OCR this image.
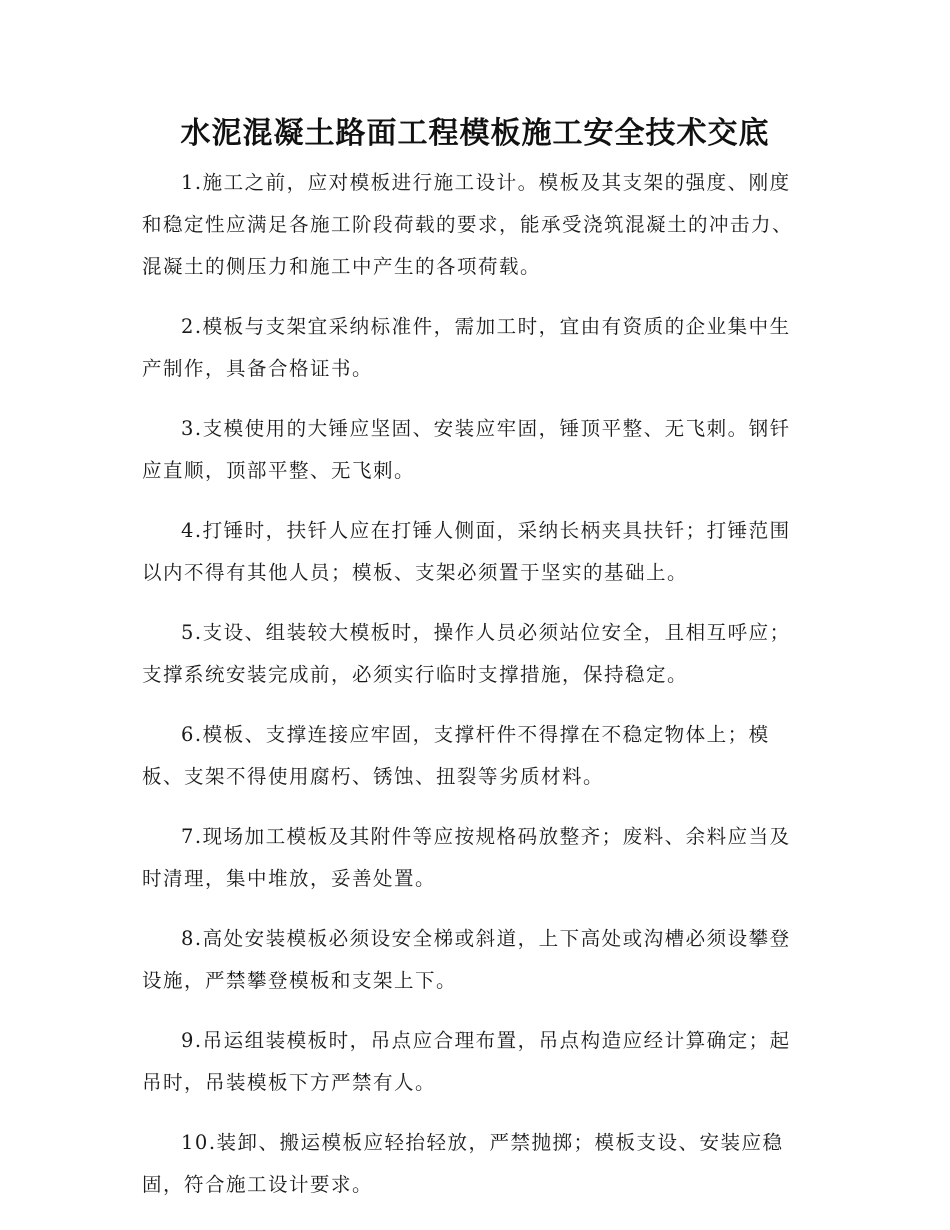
水泥混凝土路面工程模板施工安全技术交底

1.施工之前，应对模板进行施工设计。模板及其支架的强度、刚度和稳定性应满足各施工阶段荷载的要求，能承受浇筑混凝土的冲击力、混凝土的侧压力和施工中产生的各项荷载。

2.模板与支架宜采纳标准件，需加工时，宜由有资质的企业集中生产制作，具备合格证书。

3.支模使用的大锤应坚固、安装应牢固，锤顶平整、无飞刺。钢钎应直顺，顶部平整、无飞刺。

4.打锤时，扶钎人应在打锤人侧面，采纳长柄夹具扶钎；打锤范围以内不得有其他人员；模板、支架必须置于坚实的基础上。

5.支设、组装较大模板时，操作人员必须站位安全，且相互呼应；支撑系统安装完成前，必须实行临时支撑措施，保持稳定。

6.模板、支撑连接应牢固，支撑杆件不得撑在不稳定物体上；模板、支架不得使用腐朽、锈蚀、扭裂等劣质材料。

7.现场加工模板及其附件等应按规格码放整齐；废料、余料应当及时清理，集中堆放，妥善处置。

8.高处安装模板必须设安全梯或斜道，上下高处或沟槽必须设攀登设施，严禁攀登模板和支架上下。

9.吊运组装模板时，吊点应合理布置，吊点构造应经计算确定；起吊时，吊装模板下方严禁有人。

10.装卸、搬运模板应轻抬轻放，严禁抛掷；模板支设、安装应稳固，符合施工设计要求。
